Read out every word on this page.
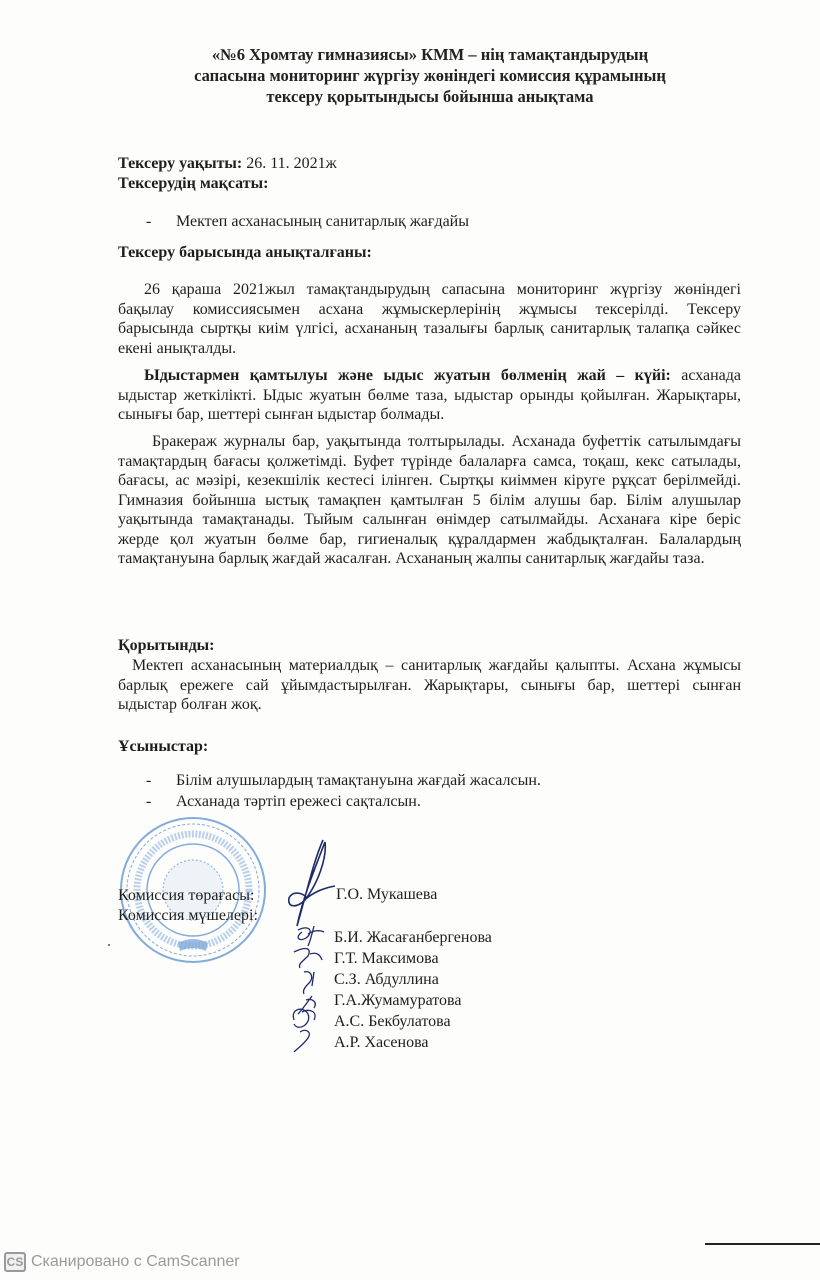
«№6 Хромтау гимназиясы» КММ – нің тамақтандырудың
сапасына мониторинг жүргізу жөніндегі комиссия құрамының
тексеру қорытындысы бойынша анықтама
Тексеру уақыты: 26. 11. 2021ж
Тексерудің мақсаты:
- Мектеп асханасының санитарлық жағдайы
Тексеру барысында анықталғаны:
26 қараша 2021жыл тамақтандырудың сапасына мониторинг жүргізу жөніндегі
бақылау комиссиясымен асхана жұмыскерлерінің жұмысы тексерілді. Тексеру
барысында сыртқы киім үлгісі, асхананың тазалығы барлық санитарлық талапқа сәйкес
екені анықталды.
Ыдыстармен қамтылуы және ыдыс жуатын бөлменің жай – күйі: асханада
ыдыстар жеткілікті. Ыдыс жуатын бөлме таза, ыдыстар орынды қойылған. Жарықтары,
сынығы бар, шеттері сынған ыдыстар болмады.
Бракераж журналы бар, уақытында толтырылады. Асханада буфеттік сатылымдағы
тамақтардың бағасы қолжетімді. Буфет түрінде балаларға самса, тоқаш, кекс сатылады,
бағасы, ас мәзірі, кезекшілік кестесі ілінген. Сыртқы киіммен кіруге рұқсат берілмейді.
Гимназия бойынша ыстық тамақпен қамтылған 5 білім алушы бар. Білім алушылар
уақытында тамақтанады. Тыйым салынған өнімдер сатылмайды. Асханаға кіре беріс
жерде қол жуатын бөлме бар, гигиеналық құралдармен жабдықталған. Балалардың
тамақтануына барлық жағдай жасалған. Асхананың жалпы санитарлық жағдайы таза.
Қорытынды:
Мектеп асханасының материалдық – санитарлық жағдайы қалыпты. Асхана жұмысы
барлық ережеге сай ұйымдастырылған. Жарықтары, сынығы бар, шеттері сынған
ыдыстар болған жоқ.
Ұсыныстар:
- Білім алушылардың тамақтануына жағдай жасалсын.
- Асханада тәртіп ережесі сақталсын.
Комиссия төрағасы:	Г.О. Мукашева
Комиссия мүшелері:
Б.И. Жасағанбергенова
Г.Т. Максимова
С.З. Абдуллина
Г.А.Жумамуратова
А.С. Бекбулатова
А.Р. Хасенова
CS Сканировано с CamScanner
